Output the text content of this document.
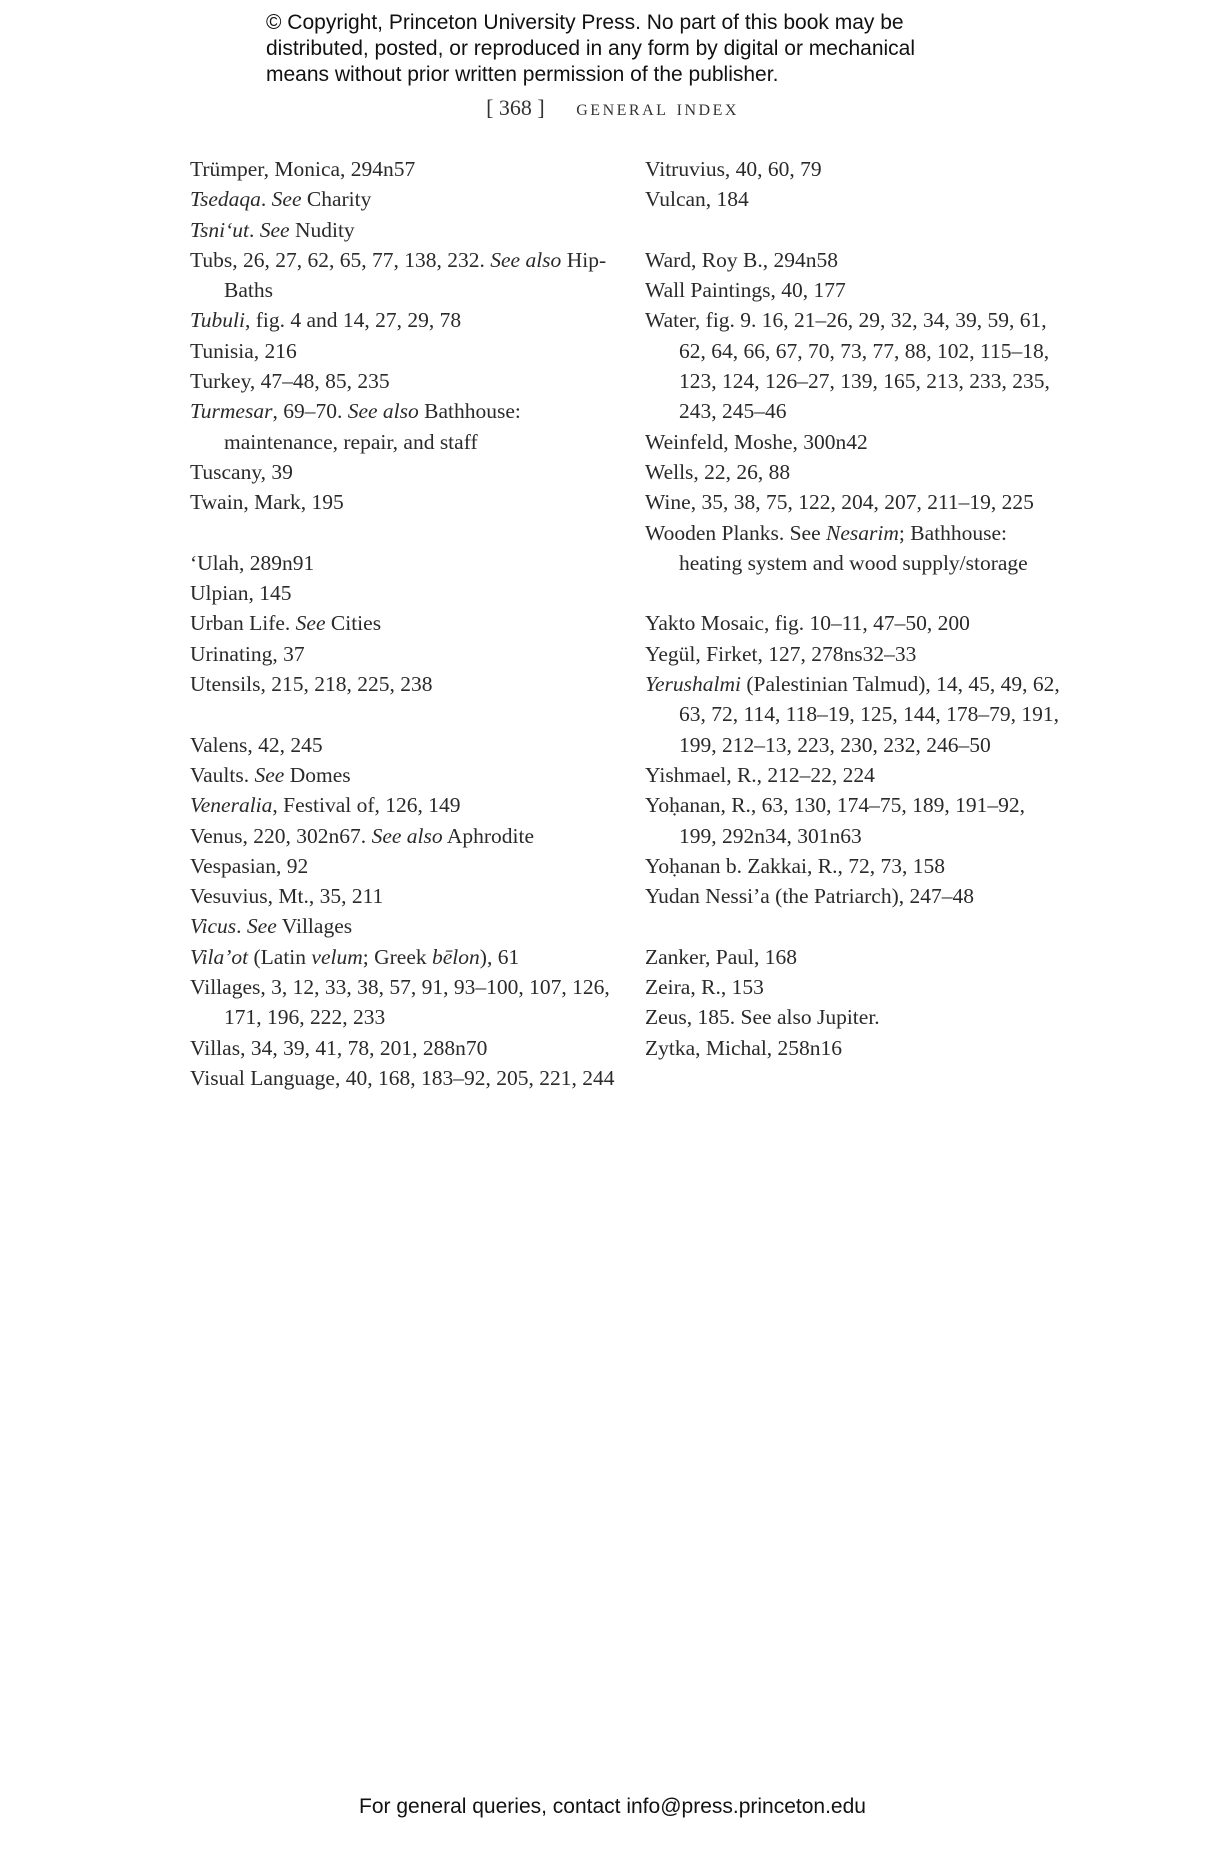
© Copyright, Princeton University Press. No part of this book may be
distributed, posted, or reproduced in any form by digital or mechanical
means without prior written permission of the publisher.
[ 368 ] general index
Trümper, Monica, 294n57
Tsedaqa. See Charity
Tsni‘ut. See Nudity
Tubs, 26, 27, 62, 65, 77, 138, 232. See also Hip-Baths
Tubuli, fig. 4 and 14, 27, 29, 78
Tunisia, 216
Turkey, 47–48, 85, 235
Turmesar, 69–70. See also Bathhouse: maintenance, repair, and staff
Tuscany, 39
Twain, Mark, 195
‘Ulah, 289n91
Ulpian, 145
Urban Life. See Cities
Urinating, 37
Utensils, 215, 218, 225, 238
Valens, 42, 245
Vaults. See Domes
Veneralia, Festival of, 126, 149
Venus, 220, 302n67. See also Aphrodite
Vespasian, 92
Vesuvius, Mt., 35, 211
Vicus. See Villages
Vila’ot (Latin velum; Greek bēlon), 61
Villages, 3, 12, 33, 38, 57, 91, 93–100, 107, 126, 171, 196, 222, 233
Villas, 34, 39, 41, 78, 201, 288n70
Visual Language, 40, 168, 183–92, 205, 221, 244
Vitruvius, 40, 60, 79
Vulcan, 184
Ward, Roy B., 294n58
Wall Paintings, 40, 177
Water, fig. 9. 16, 21–26, 29, 32, 34, 39, 59, 61, 62, 64, 66, 67, 70, 73, 77, 88, 102, 115–18, 123, 124, 126–27, 139, 165, 213, 233, 235, 243, 245–46
Weinfeld, Moshe, 300n42
Wells, 22, 26, 88
Wine, 35, 38, 75, 122, 204, 207, 211–19, 225
Wooden Planks. See Nesarim; Bathhouse: heating system and wood supply/storage
Yakto Mosaic, fig. 10–11, 47–50, 200
Yegül, Firket, 127, 278ns32–33
Yerushalmi (Palestinian Talmud), 14, 45, 49, 62, 63, 72, 114, 118–19, 125, 144, 178–79, 191, 199, 212–13, 223, 230, 232, 246–50
Yishmael, R., 212–22, 224
Yoḥanan, R., 63, 130, 174–75, 189, 191–92, 199, 292n34, 301n63
Yoḥanan b. Zakkai, R., 72, 73, 158
Yudan Nessi’a (the Patriarch), 247–48
Zanker, Paul, 168
Zeira, R., 153
Zeus, 185. See also Jupiter.
Zytka, Michal, 258n16
For general queries, contact info@press.princeton.edu
